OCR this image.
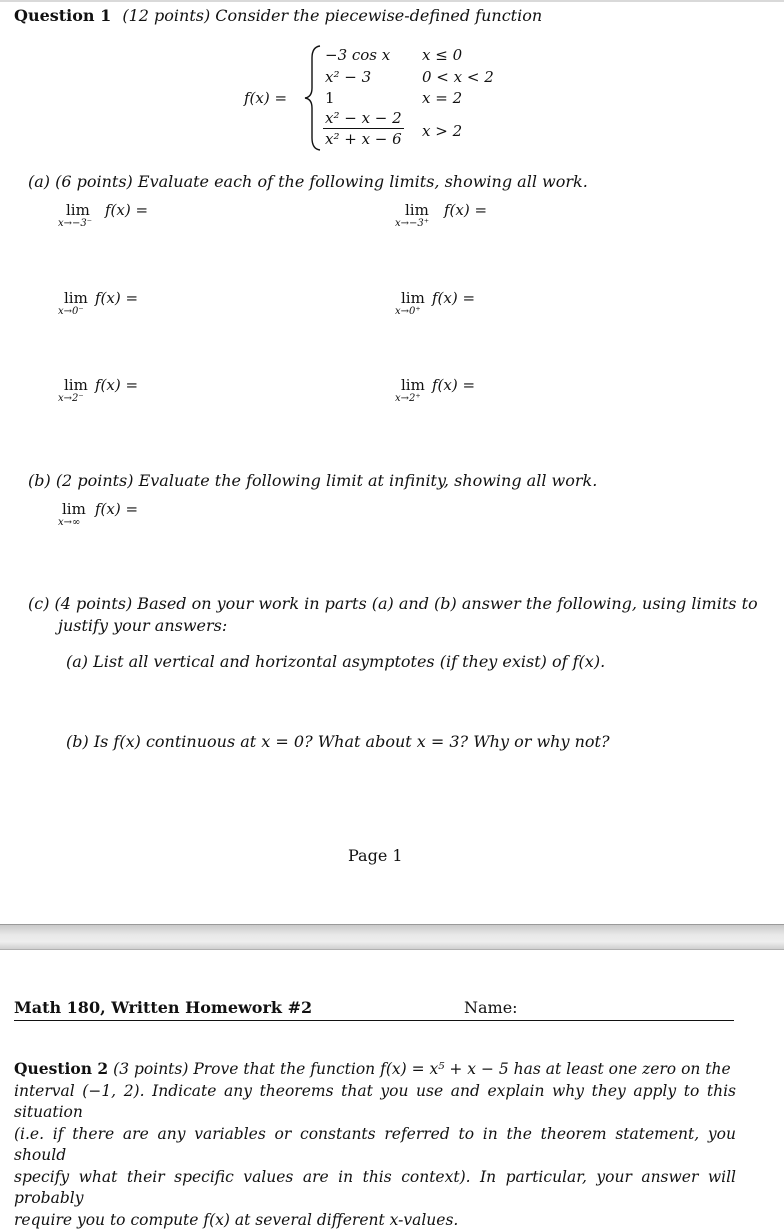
Question 1 (12 points) Consider the piecewise-defined function
f(x) =
−3 cos x x ≤ 0
x² − 3	0 < x < 2
1	x = 2
$\frac{\text{x² − x − 2}}{\text{x² + x − 6}}$ x > 2
(a) (6 points) Evaluate each of the following limits, showing all work.
lim
x→−3⁻
f(x) =	lim
x→−3⁺
f(x) =
lim
x→0⁻
f(x) =	lim
x→0⁺
f(x) =
lim
x→2⁻
f(x) =	lim
x→2⁺
f(x) =
(b) (2 points) Evaluate the following limit at infinity, showing all work.
lim
x→∞
f(x) =
(c) (4 points) Based on your work in parts (a) and (b) answer the following, using limits to
justify your answers:
(a) List all vertical and horizontal asymptotes (if they exist) of f(x).
(b) Is f(x) continuous at x = 0? What about x = 3? Why or why not?
Page 1
Math 180, Written Homework #2	Name:
Question 2 (3 points) Prove that the function f(x) = x⁵ + x − 5 has at least one zero on the
interval (−1, 2). Indicate any theorems that you use and explain why they apply to this situation
(i.e. if there are any variables or constants referred to in the theorem statement, you should
specify what their specific values are in this context). In particular, your answer will probably
require you to compute f(x) at several different x-values.
